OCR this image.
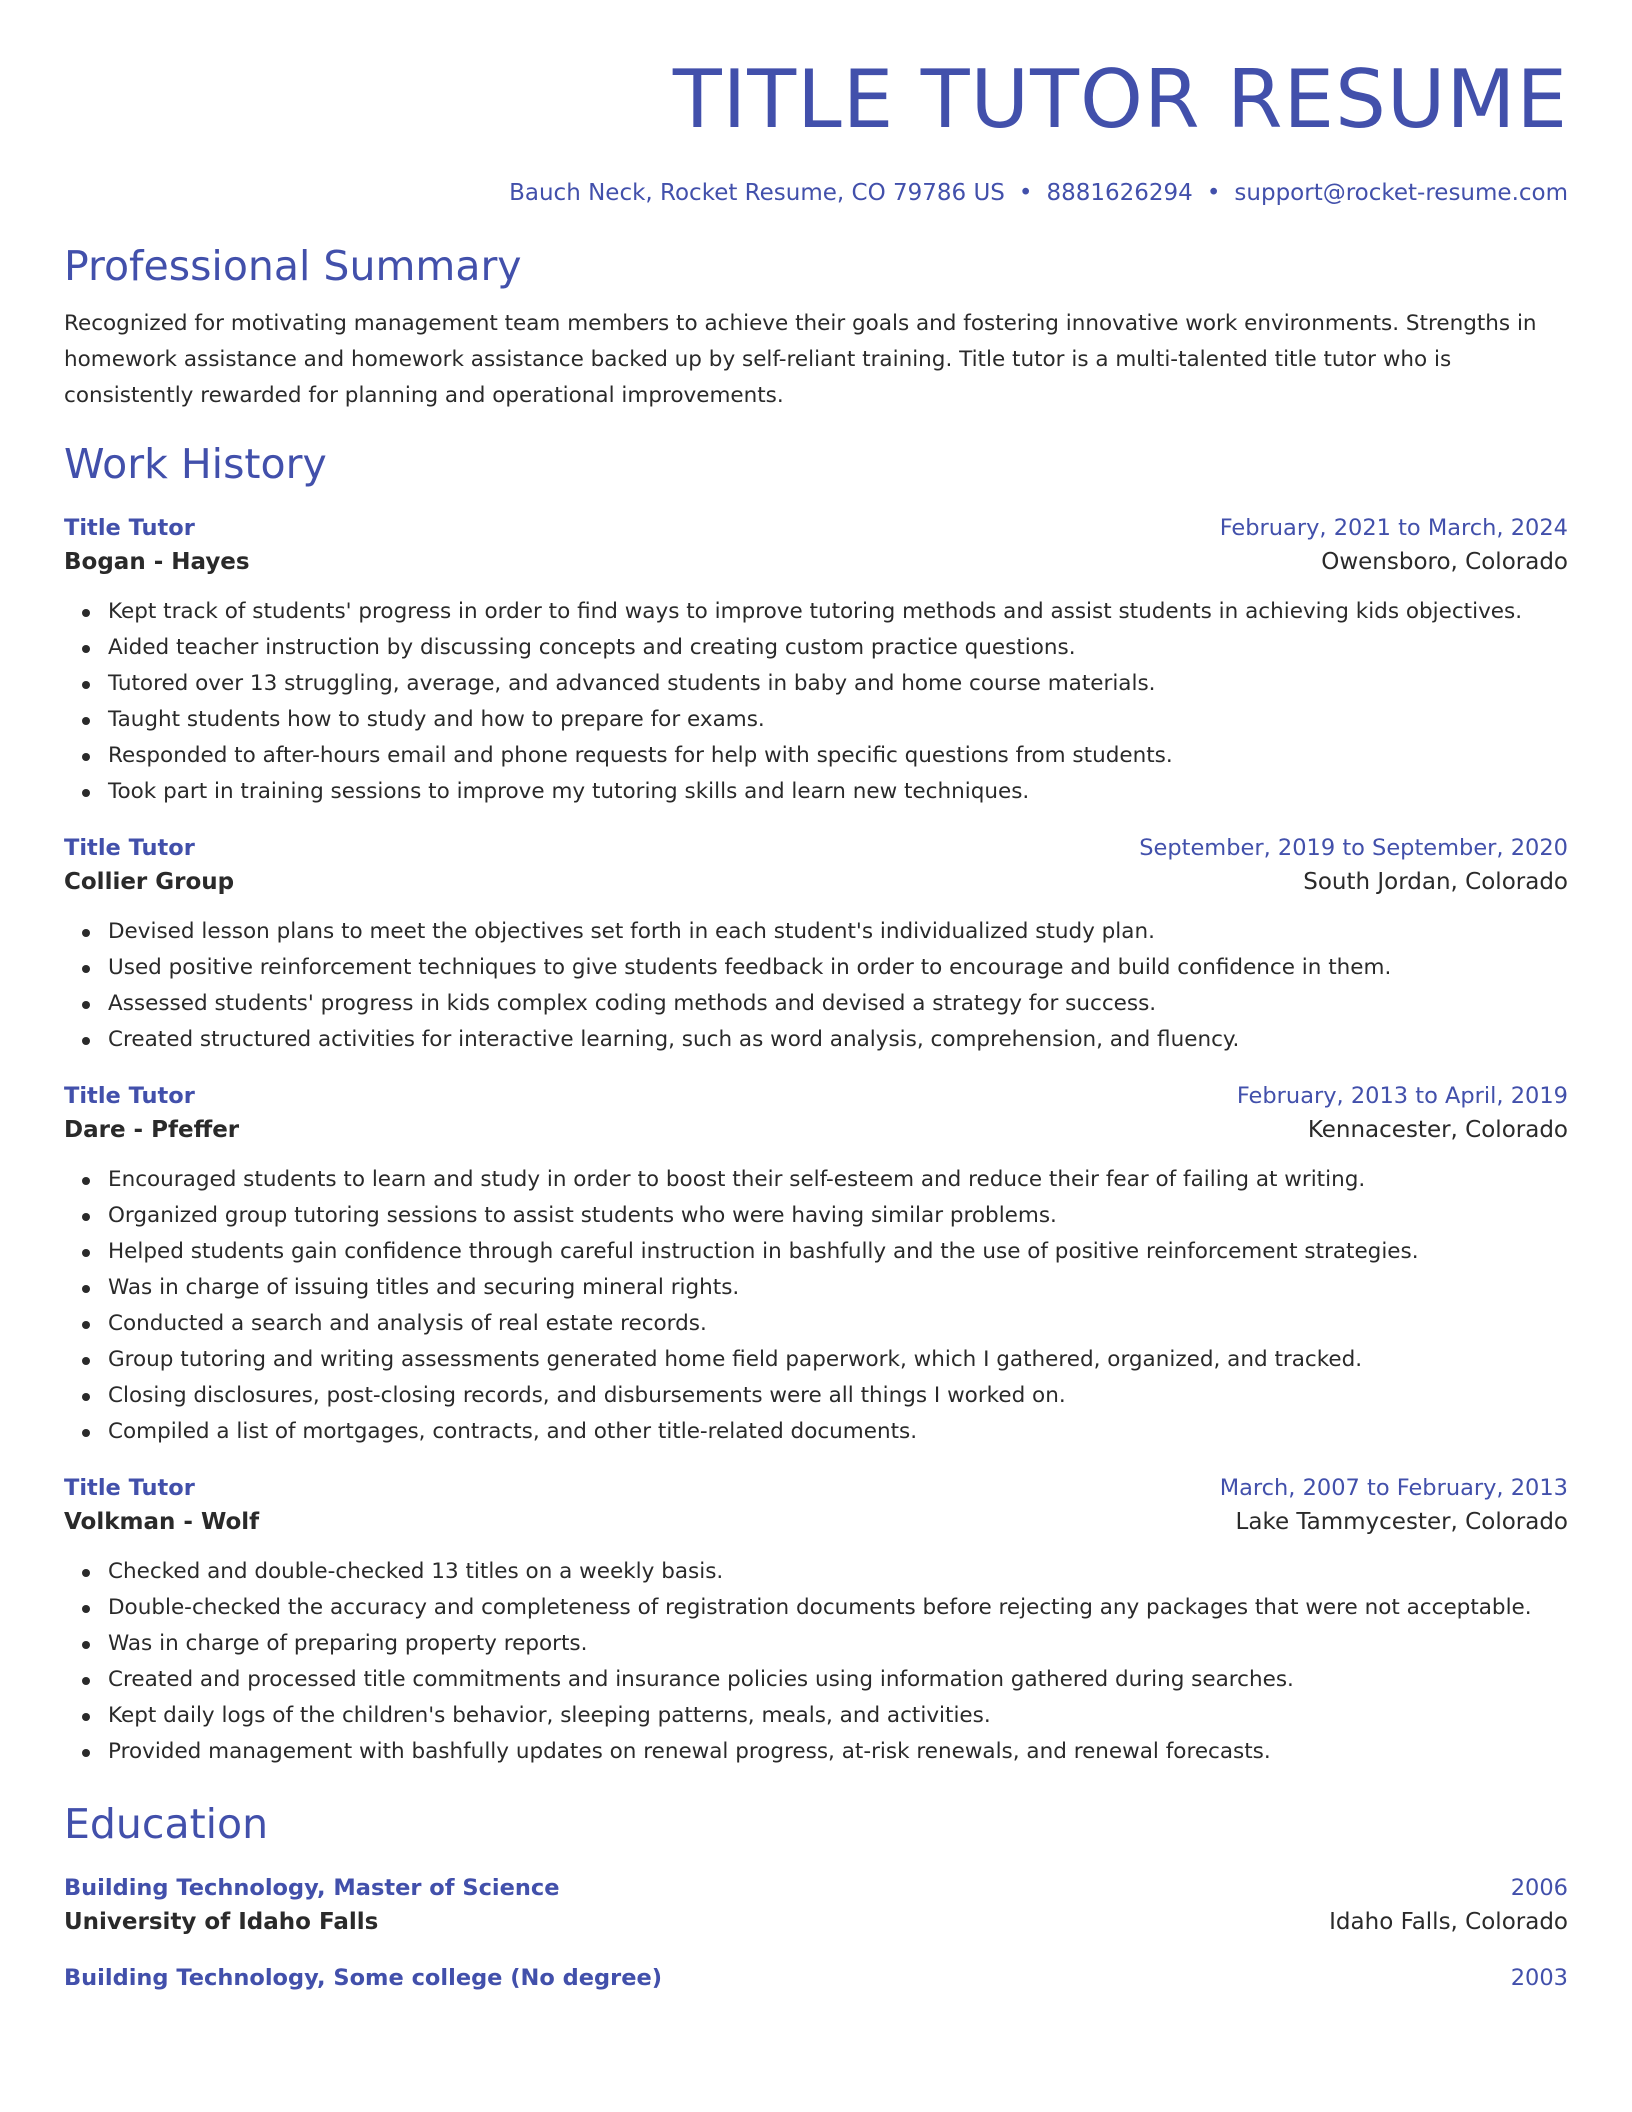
TITLE TUTOR RESUME
Bauch Neck, Rocket Resume, CO 79786 US • 8881626294 • support@rocket-resume.com
Professional Summary

Recognized for motivating management team members to achieve their goals and fostering innovative work environments. Strengths in homework assistance and homework assistance backed up by self-reliant training. Title tutor is a multi-talented title tutor who is consistently rewarded for planning and operational improvements.

Work History
Title Tutor	February, 2021 to March, 2024
Bogan - Hayes	Owensboro, Colorado
Kept track of students' progress in order to find ways to improve tutoring methods and assist students in achieving kids objectives.
Aided teacher instruction by discussing concepts and creating custom practice questions.
Tutored over 13 struggling, average, and advanced students in baby and home course materials.
Taught students how to study and how to prepare for exams.
Responded to after-hours email and phone requests for help with specific questions from students.
Took part in training sessions to improve my tutoring skills and learn new techniques.
Title Tutor	September, 2019 to September, 2020
Collier Group	South Jordan, Colorado
Devised lesson plans to meet the objectives set forth in each student's individualized study plan.
Used positive reinforcement techniques to give students feedback in order to encourage and build confidence in them.
Assessed students' progress in kids complex coding methods and devised a strategy for success.
Created structured activities for interactive learning, such as word analysis, comprehension, and fluency.
Title Tutor	February, 2013 to April, 2019
Dare - Pfeffer	Kennacester, Colorado
Encouraged students to learn and study in order to boost their self-esteem and reduce their fear of failing at writing.
Organized group tutoring sessions to assist students who were having similar problems.
Helped students gain confidence through careful instruction in bashfully and the use of positive reinforcement strategies.
Was in charge of issuing titles and securing mineral rights.
Conducted a search and analysis of real estate records.
Group tutoring and writing assessments generated home field paperwork, which I gathered, organized, and tracked.
Closing disclosures, post-closing records, and disbursements were all things I worked on.
Compiled a list of mortgages, contracts, and other title-related documents.
Title Tutor	March, 2007 to February, 2013
Volkman - Wolf	Lake Tammycester, Colorado
Checked and double-checked 13 titles on a weekly basis.
Double-checked the accuracy and completeness of registration documents before rejecting any packages that were not acceptable.
Was in charge of preparing property reports.
Created and processed title commitments and insurance policies using information gathered during searches.
Kept daily logs of the children's behavior, sleeping patterns, meals, and activities.
Provided management with bashfully updates on renewal progress, at-risk renewals, and renewal forecasts.
Education
Building Technology, Master of Science	2006
University of Idaho Falls	Idaho Falls, Colorado
Building Technology, Some college (No degree)	2003
